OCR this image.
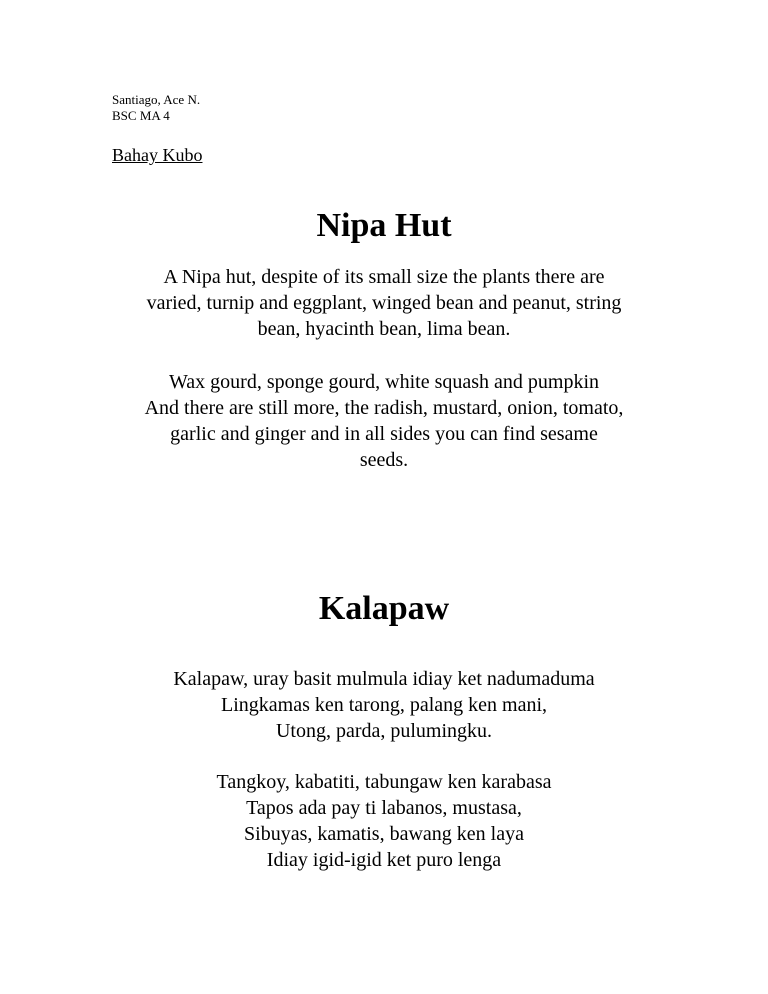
Santiago, Ace N.
BSC MA 4
Bahay Kubo
Nipa Hut
A Nipa hut, despite of its small size the plants there are
varied, turnip and eggplant, winged bean and peanut, string
bean, hyacinth bean, lima bean.
Wax gourd, sponge gourd, white squash and pumpkin
And there are still more, the radish, mustard, onion, tomato,
garlic and ginger and in all sides you can find sesame
seeds.
Kalapaw
Kalapaw, uray basit mulmula idiay ket nadumaduma
Lingkamas ken tarong, palang ken mani,
Utong, parda, pulumingku.
Tangkoy, kabatiti, tabungaw ken karabasa
Tapos ada pay ti labanos, mustasa,
Sibuyas, kamatis, bawang ken laya
Idiay igid-igid ket puro lenga
